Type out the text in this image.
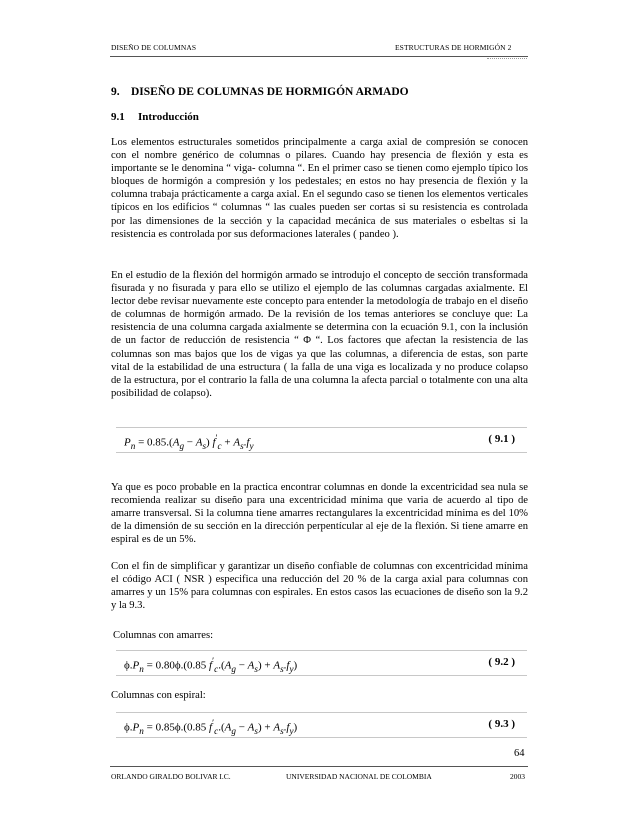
DISEÑO DE COLUMNAS	ESTRUCTURAS DE HORMIGÓN 2
9. DISEÑO DE COLUMNAS DE HORMIGÓN ARMADO
9.1 Introducción

Los elementos estructurales sometidos principalmente a carga axial de compresión se conocen con el nombre genérico de columnas o pilares. Cuando hay presencia de flexión y esta es importante se le denomina “ viga- columna “. En el primer caso se tienen como ejemplo típico los bloques de hormigón a compresión y los pedestales; en estos no hay presencia de flexión y la columna trabaja prácticamente a carga axial. En el segundo caso se tienen los elementos verticales típicos en los edificios “ columnas “ las cuales pueden ser cortas si su resistencia es controlada por las dimensiones de la sección y la capacidad mecánica de sus materiales o esbeltas si la resistencia es controlada por sus deformaciones laterales ( pandeo ).

En el estudio de la flexión del hormigón armado se introdujo el concepto de sección transformada fisurada y no fisurada y para ello se utilizo el ejemplo de las columnas cargadas axialmente. El lector debe revisar nuevamente este concepto para entender la metodología de trabajo en el diseño de columnas de hormigón armado. De la revisión de los temas anteriores se concluye que: La resistencia de una columna cargada axialmente se determina con la ecuación 9.1, con la inclusión de un factor de reducción de resistencia “ Φ “. Los factores que afectan la resistencia de las columnas son mas bajos que los de vigas ya que las columnas, a diferencia de estas, son parte vital de la estabilidad de una estructura ( la falla de una viga es localizada y no produce colapso de la estructura, por el contrario la falla de una columna la afecta parcial o totalmente con una alta posibilidad de colapso).

$P_n = 0.85.(A_g - A_s) f'_c + A_s.f_y$
( 9.1 )

Ya que es poco probable en la practica encontrar columnas en donde la excentricidad sea nula se recomienda realizar su diseño para una excentricidad mínima que varia de acuerdo al tipo de amarre transversal. Si la columna tiene amarres rectangulares la excentricidad mínima es del 10% de la dimensión de su sección en la dirección perpentícular al eje de la flexión. Si tiene amarre en espiral es de un 5%.

Con el fin de simplificar y garantizar un diseño confiable de columnas con excentricidad mínima el código ACI ( NSR ) especifica una reducción del 20 % de la carga axial para columnas con amarres y un 15% para columnas con espirales. En estos casos las ecuaciones de diseño son la 9.2 y la 9.3.

Columnas con amarres:
$\phi.P_n = 0.80\phi.(0.85$ $f'_c.(A_g - A_s) + A_s.f_y$)	( 9.2 )
Columnas con espiral:
$\phi.P_n = 0.85\phi.(0.85$ $f'_c.(A_g - A_s) + A_s.f_y$)	( 9.3 )
64
ORLANDO GIRALDO BOLIVAR I.C.	UNIVERSIDAD NACIONAL DE COLOMBIA	2003
